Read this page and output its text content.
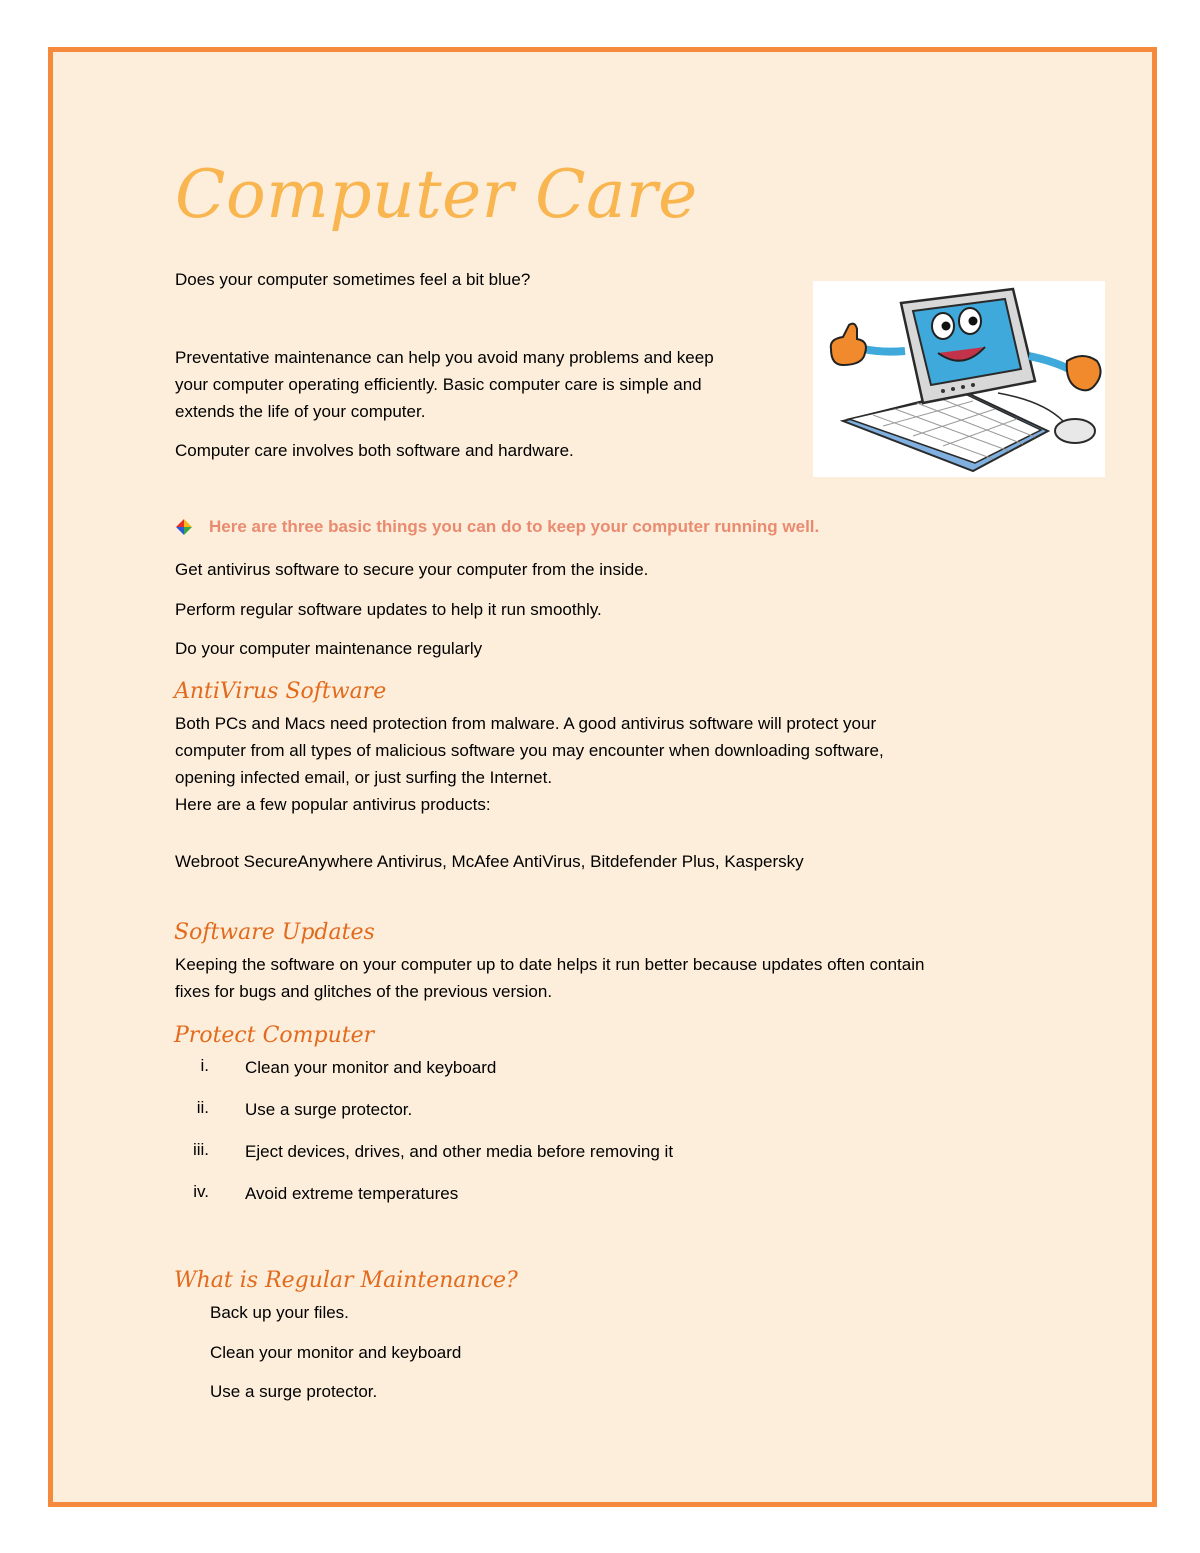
Computer Care
Does your computer sometimes feel a bit blue?
Preventative maintenance can help you avoid many problems and keep
your computer operating efficiently. Basic computer care is simple and
extends the life of your computer.
Computer care involves both software and hardware.
Here are three basic things you can do to keep your computer running well.
Get antivirus software to secure your computer from the inside.
Perform regular software updates to help it run smoothly.
Do your computer maintenance regularly
AntiVirus Software
Both PCs and Macs need protection from malware. A good antivirus software will protect your
computer from all types of malicious software you may encounter when downloading software,
opening infected email, or just surfing the Internet.
Here are a few popular antivirus products:
Webroot SecureAnywhere Antivirus, McAfee AntiVirus, Bitdefender Plus, Kaspersky
Software Updates
Keeping the software on your computer up to date helps it run better because updates often contain
fixes for bugs and glitches of the previous version.
Protect Computer
i. Clean your monitor and keyboard
ii. Use a surge protector.
iii. Eject devices, drives, and other media before removing it
iv. Avoid extreme temperatures
What is Regular Maintenance?
Back up your files.
Clean your monitor and keyboard
Use a surge protector.
